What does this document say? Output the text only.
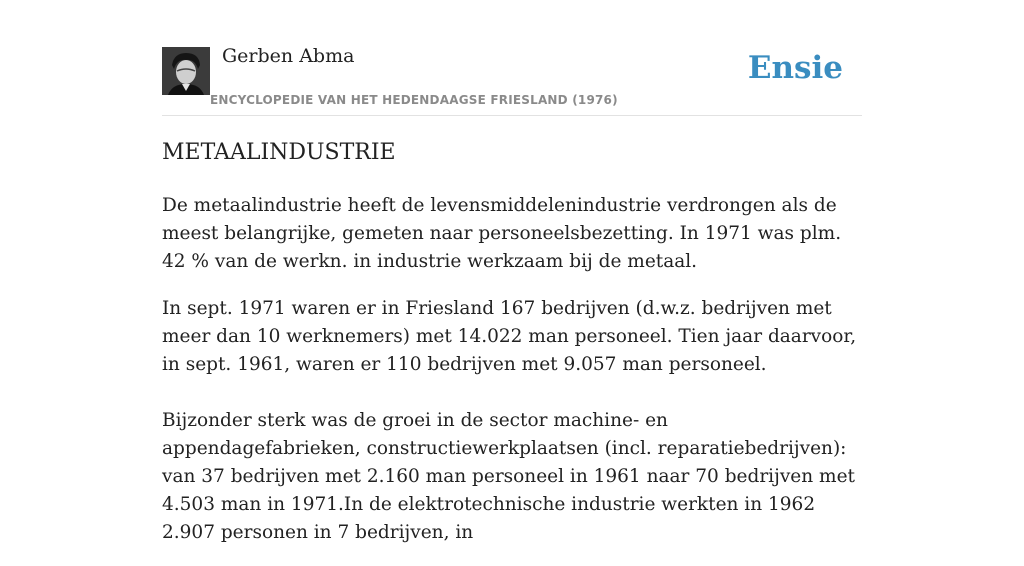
Gerben Abma
ENCYCLOPEDIE VAN HET HEDENDAAGSE FRIESLAND (1976)
Ensie
METAALINDUSTRIE

De metaalindustrie heeft de levensmiddelenindustrie verdrongen als de meest belangrijke, gemeten naar personeelsbezetting. In 1971 was plm. 42 % van de werkn. in industrie werkzaam bij de metaal.

In sept. 1971 waren er in Friesland 167 bedrijven (d.w.z. bedrijven met meer dan 10 werknemers) met 14.022 man personeel. Tien jaar daarvoor, in sept. 1961, waren er 110 bedrijven met 9.057 man personeel.

Bijzonder sterk was de groei in de sector machine- en appendagefabrieken, constructiewerkplaatsen (incl. reparatiebedrijven): van 37 bedrijven met 2.160 man personeel in 1961 naar 70 bedrijven met 4.503 man in 1971.In de elektrotechnische industrie werkten in 1962 2.907 personen in 7 bedrijven, in
